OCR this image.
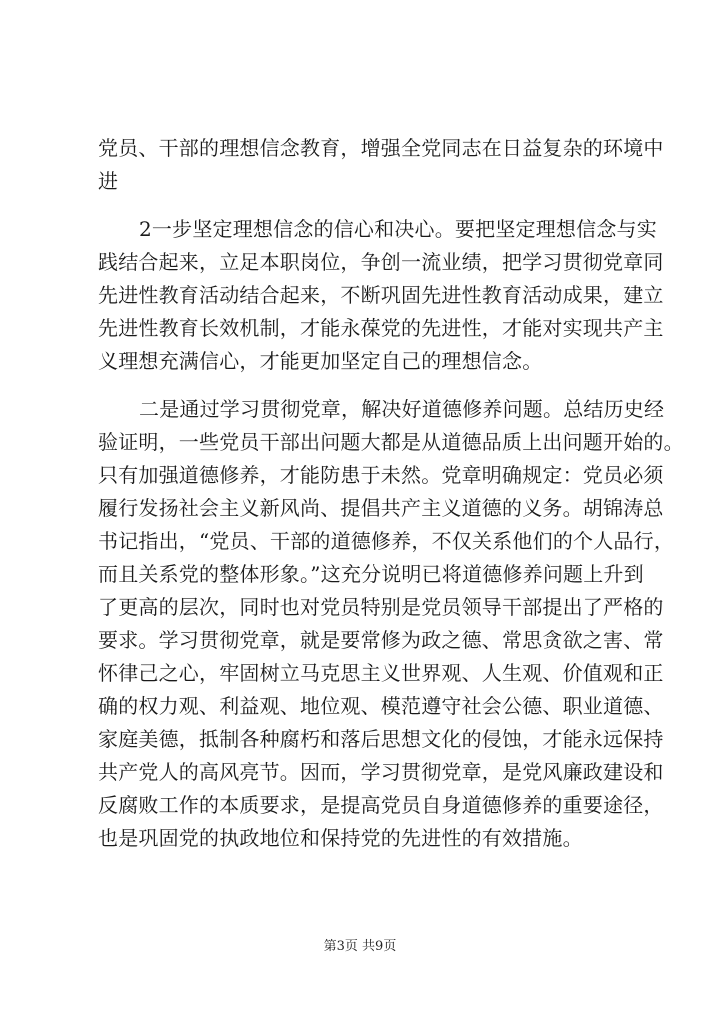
党员、干部的理想信念教育，增强全党同志在日益复杂的环境中
进
2一步坚定理想信念的信心和决心。要把坚定理想信念与实
践结合起来，立足本职岗位，争创一流业绩，把学习贯彻党章同
先进性教育活动结合起来，不断巩固先进性教育活动成果，建立
先进性教育长效机制，才能永葆党的先进性，才能对实现共产主
义理想充满信心，才能更加坚定自己的理想信念。
二是通过学习贯彻党章，解决好道德修养问题。总结历史经
验证明，一些党员干部出问题大都是从道德品质上出问题开始的。
只有加强道德修养，才能防患于未然。党章明确规定：党员必须
履行发扬社会主义新风尚、提倡共产主义道德的义务。胡锦涛总
书记指出，“党员、干部的道德修养，不仅关系他们的个人品行，
而且关系党的整体形象。”这充分说明已将道德修养问题上升到
了更高的层次，同时也对党员特别是党员领导干部提出了严格的
要求。学习贯彻党章，就是要常修为政之德、常思贪欲之害、常
怀律己之心，牢固树立马克思主义世界观、人生观、价值观和正
确的权力观、利益观、地位观、模范遵守社会公德、职业道德、
家庭美德，抵制各种腐朽和落后思想文化的侵蚀，才能永远保持
共产党人的高风亮节。因而，学习贯彻党章，是党风廉政建设和
反腐败工作的本质要求，是提高党员自身道德修养的重要途径，
也是巩固党的执政地位和保持党的先进性的有效措施。
第3页 共9页
